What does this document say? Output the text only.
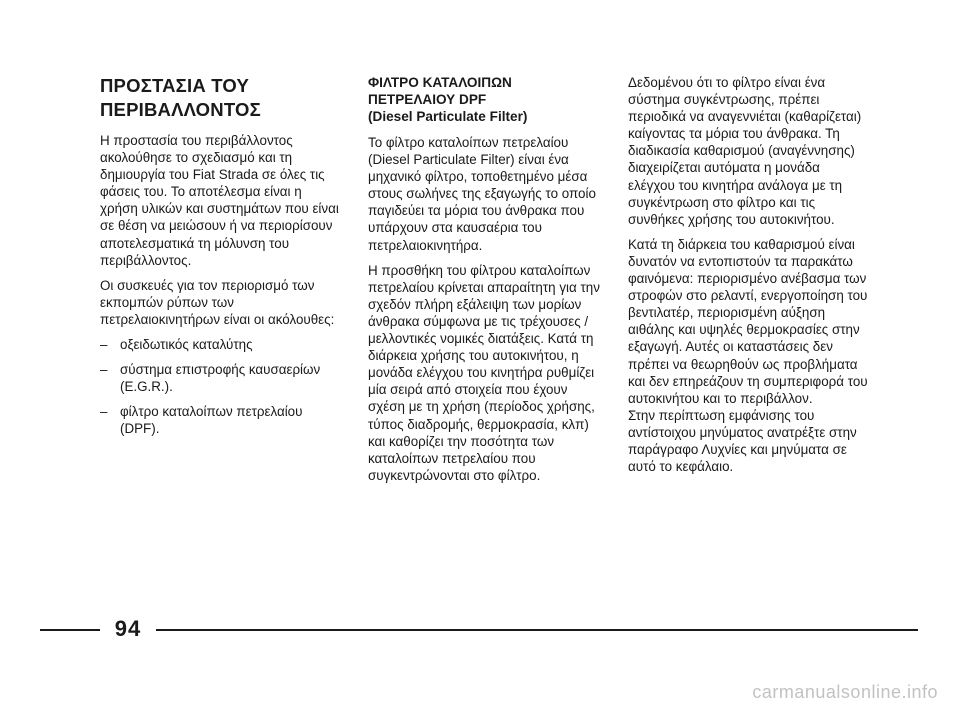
ΠΡΟΣΤΑΣΙΑ ΤΟΥ
ΠΕΡΙΒΑΛΛΟΝΤΟΣ

Η προστασία του περιβάλλοντος ακολούθησε το σχεδιασμό και τη δημιουργία του Fiat Strada σε όλες τις φάσεις του. Το αποτέλεσμα είναι η χρήση υλικών και συστημάτων που είναι σε θέση να μειώσουν ή να περιορίσουν αποτελεσματικά τη μόλυνση του περιβάλλοντος.

Οι συσκευές για τον περιορισμό των εκπομπών ρύπων των πετρελαιοκινητήρων είναι οι ακόλουθες:

– οξειδωτικός καταλύτης
– σύστημα επιστροφής καυσαερίων (E.G.R.).
– φίλτρο καταλοίπων πετρελαίου (DPF).
ΦΙΛΤΡΟ ΚΑΤΑΛΟΙΠΩΝ
ΠΕΤΡΕΛΑΙΟΥ DPF
(Diesel Particulate Filter)

Το φίλτρο καταλοίπων πετρελαίου (Diesel Particulate Filter) είναι ένα μηχανικό φίλτρο, τοποθετημένο μέσα στους σωλήνες της εξαγωγής το οποίο παγιδεύει τα μόρια του άνθρακα που υπάρχουν στα καυσαέρια του πετρελαιοκινητήρα.

Η προσθήκη του φίλτρου καταλοίπων πετρελαίου κρίνεται απαραίτητη για την σχεδόν πλήρη εξάλειψη των μορίων άνθρακα σύμφωνα με τις τρέχουσες / μελλοντικές νομικές διατάξεις. Κατά τη διάρκεια χρήσης του αυτοκινήτου, η μονάδα ελέγχου του κινητήρα ρυθμίζει μία σειρά από στοιχεία που έχουν σχέση με τη χρήση (περίοδος χρήσης, τύπος διαδρομής, θερμοκρασία, κλπ) και καθορίζει την ποσότητα των καταλοίπων πετρελαίου που συγκεντρώνονται στο φίλτρο.

Δεδομένου ότι το φίλτρο είναι ένα σύστημα συγκέντρωσης, πρέπει περιοδικά να αναγεννιέται (καθαρίζεται) καίγοντας τα μόρια του άνθρακα. Τη διαδικασία καθαρισμού (αναγέννησης) διαχειρίζεται αυτόματα η μονάδα ελέγχου του κινητήρα ανάλογα με τη συγκέντρωση στο φίλτρο και τις συνθήκες χρήσης του αυτοκινήτου.

Κατά τη διάρκεια του καθαρισμού είναι δυνατόν να εντοπιστούν τα παρακάτω φαινόμενα: περιορισμένο ανέβασμα των στροφών στο ρελαντί, ενεργοποίηση του βεντιλατέρ, περιορισμένη αύξηση αιθάλης και υψηλές θερμοκρασίες στην εξαγωγή. Αυτές οι καταστάσεις δεν πρέπει να θεωρηθούν ως προβλήματα και δεν επηρεάζουν τη συμπεριφορά του αυτοκινήτου και το περιβάλλον.

Στην περίπτωση εμφάνισης του αντίστοιχου μηνύματος ανατρέξτε στην παράγραφο Λυχνίες και μηνύματα σε αυτό το κεφάλαιο.

94
carmanualsonline.info
